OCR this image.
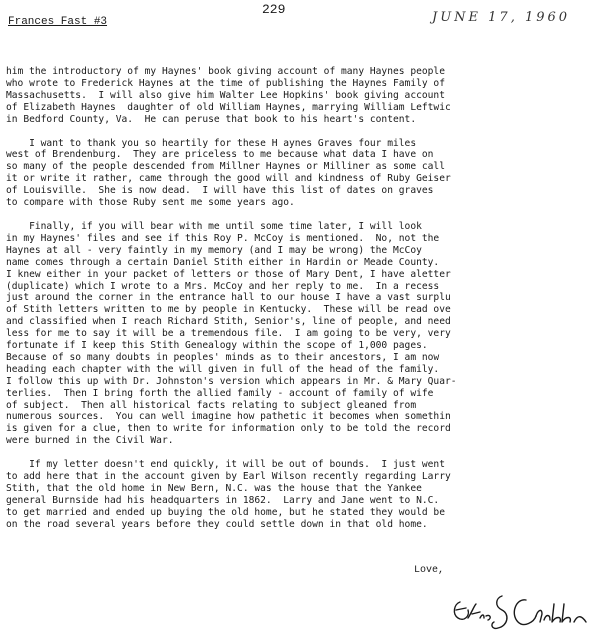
229
Frances Fast #3	JUNE 17, 1960
him the introductory of my Haynes' book giving account of many Haynes people
who wrote to Frederick Haynes at the time of publishing the Haynes Family of
Massachusetts.  I will also give him Walter Lee Hopkins' book giving account
of Elizabeth Haynes  daughter of old William Haynes, marrying William Leftwic
in Bedford County, Va.  He can peruse that book to his heart's content.
I want to thank you so heartily for these H aynes Graves four miles
west of Brendenburg.  They are priceless to me because what data I have on
so many of the people descended from Millner Haynes or Milliner as some call
it or write it rather, came through the good will and kindness of Ruby Geiser
of Louisville.  She is now dead.  I will have this list of dates on graves
to compare with those Ruby sent me some years ago.
Finally, if you will bear with me until some time later, I will look
in my Haynes' files and see if this Roy P. McCoy is mentioned.  No, not the
Haynes at all - very faintly in my memory (and I may be wrong) the McCoy
name comes through a certain Daniel Stith either in Hardin or Meade County.
I knew either in your packet of letters or those of Mary Dent, I have aletter
(duplicate) which I wrote to a Mrs. McCoy and her reply to me.  In a recess
just around the corner in the entrance hall to our house I have a vast surplu
of Stith letters written to me by people in Kentucky.  These will be read ove
and classified when I reach Richard Stith, Senior's, line of people, and need
less for me to say it will be a tremendous file.  I am going to be very, very
fortunate if I keep this Stith Genealogy within the scope of 1,000 pages.
Because of so many doubts in peoples' minds as to their ancestors, I am now
heading each chapter with the will given in full of the head of the family.
I follow this up with Dr. Johnston's version which appears in Mr. & Mary Quar-
terlies.  Then I bring forth the allied family - account of family of wife
of subject.  Then all historical facts relating to subject gleaned from
numerous sources.  You can well imagine how pathetic it becomes when somethin
is given for a clue, then to write for information only to be told the record
were burned in the Civil War.
If my letter doesn't end quickly, it will be out of bounds.  I just went
to add here that in the account given by Earl Wilson recently regarding Larry
Stith, that the old home in New Bern, N.C. was the house that the Yankee
general Burnside had his headquarters in 1862.  Larry and Jane went to N.C.
to get married and ended up buying the old home, but he stated they would be
on the road several years before they could settle down in that old home.
Love,
